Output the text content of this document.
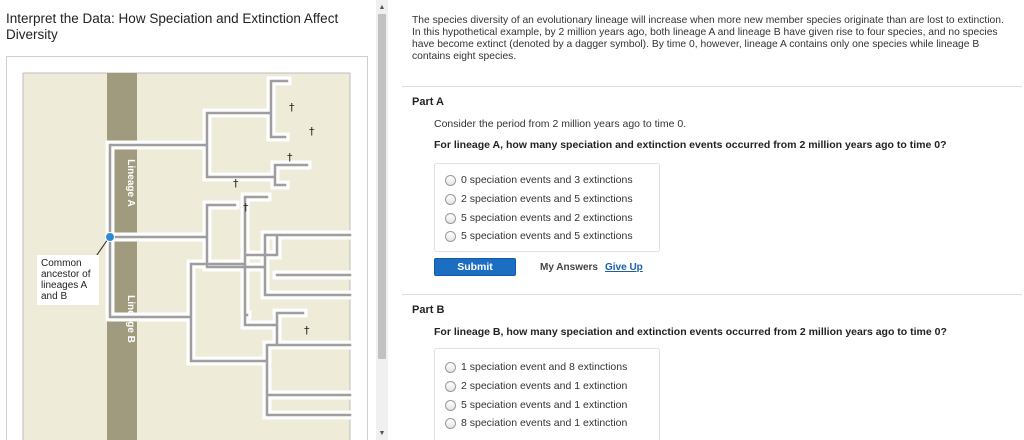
Interpret the Data: How Speciation and Extinction Affect Diversity
Lineage A
Lineage B
†
†
†
†
†
†
Common
ancestor of
lineages A
and B
▲
▼
The species diversity of an evolutionary lineage will increase when more new member species originate than are lost to extinction. In this hypothetical example, by 2 million years ago, both lineage A and lineage B have given rise to four species, and no species have become extinct (denoted by a dagger symbol). By time 0, however, lineage A contains only one species while lineage B contains eight species.
Part A
Consider the period from 2 million years ago to time 0.
For lineage A, how many speciation and extinction events occurred from 2 million years ago to time 0?
0 speciation events and 3 extinctions
2 speciation events and 5 extinctions
5 speciation events and 2 extinctions
5 speciation events and 5 extinctions
Submit	My Answers Give Up
Part B
For lineage B, how many speciation and extinction events occurred from 2 million years ago to time 0?
1 speciation event and 8 extinctions
2 speciation events and 1 extinction
5 speciation events and 1 extinction
8 speciation events and 1 extinction
